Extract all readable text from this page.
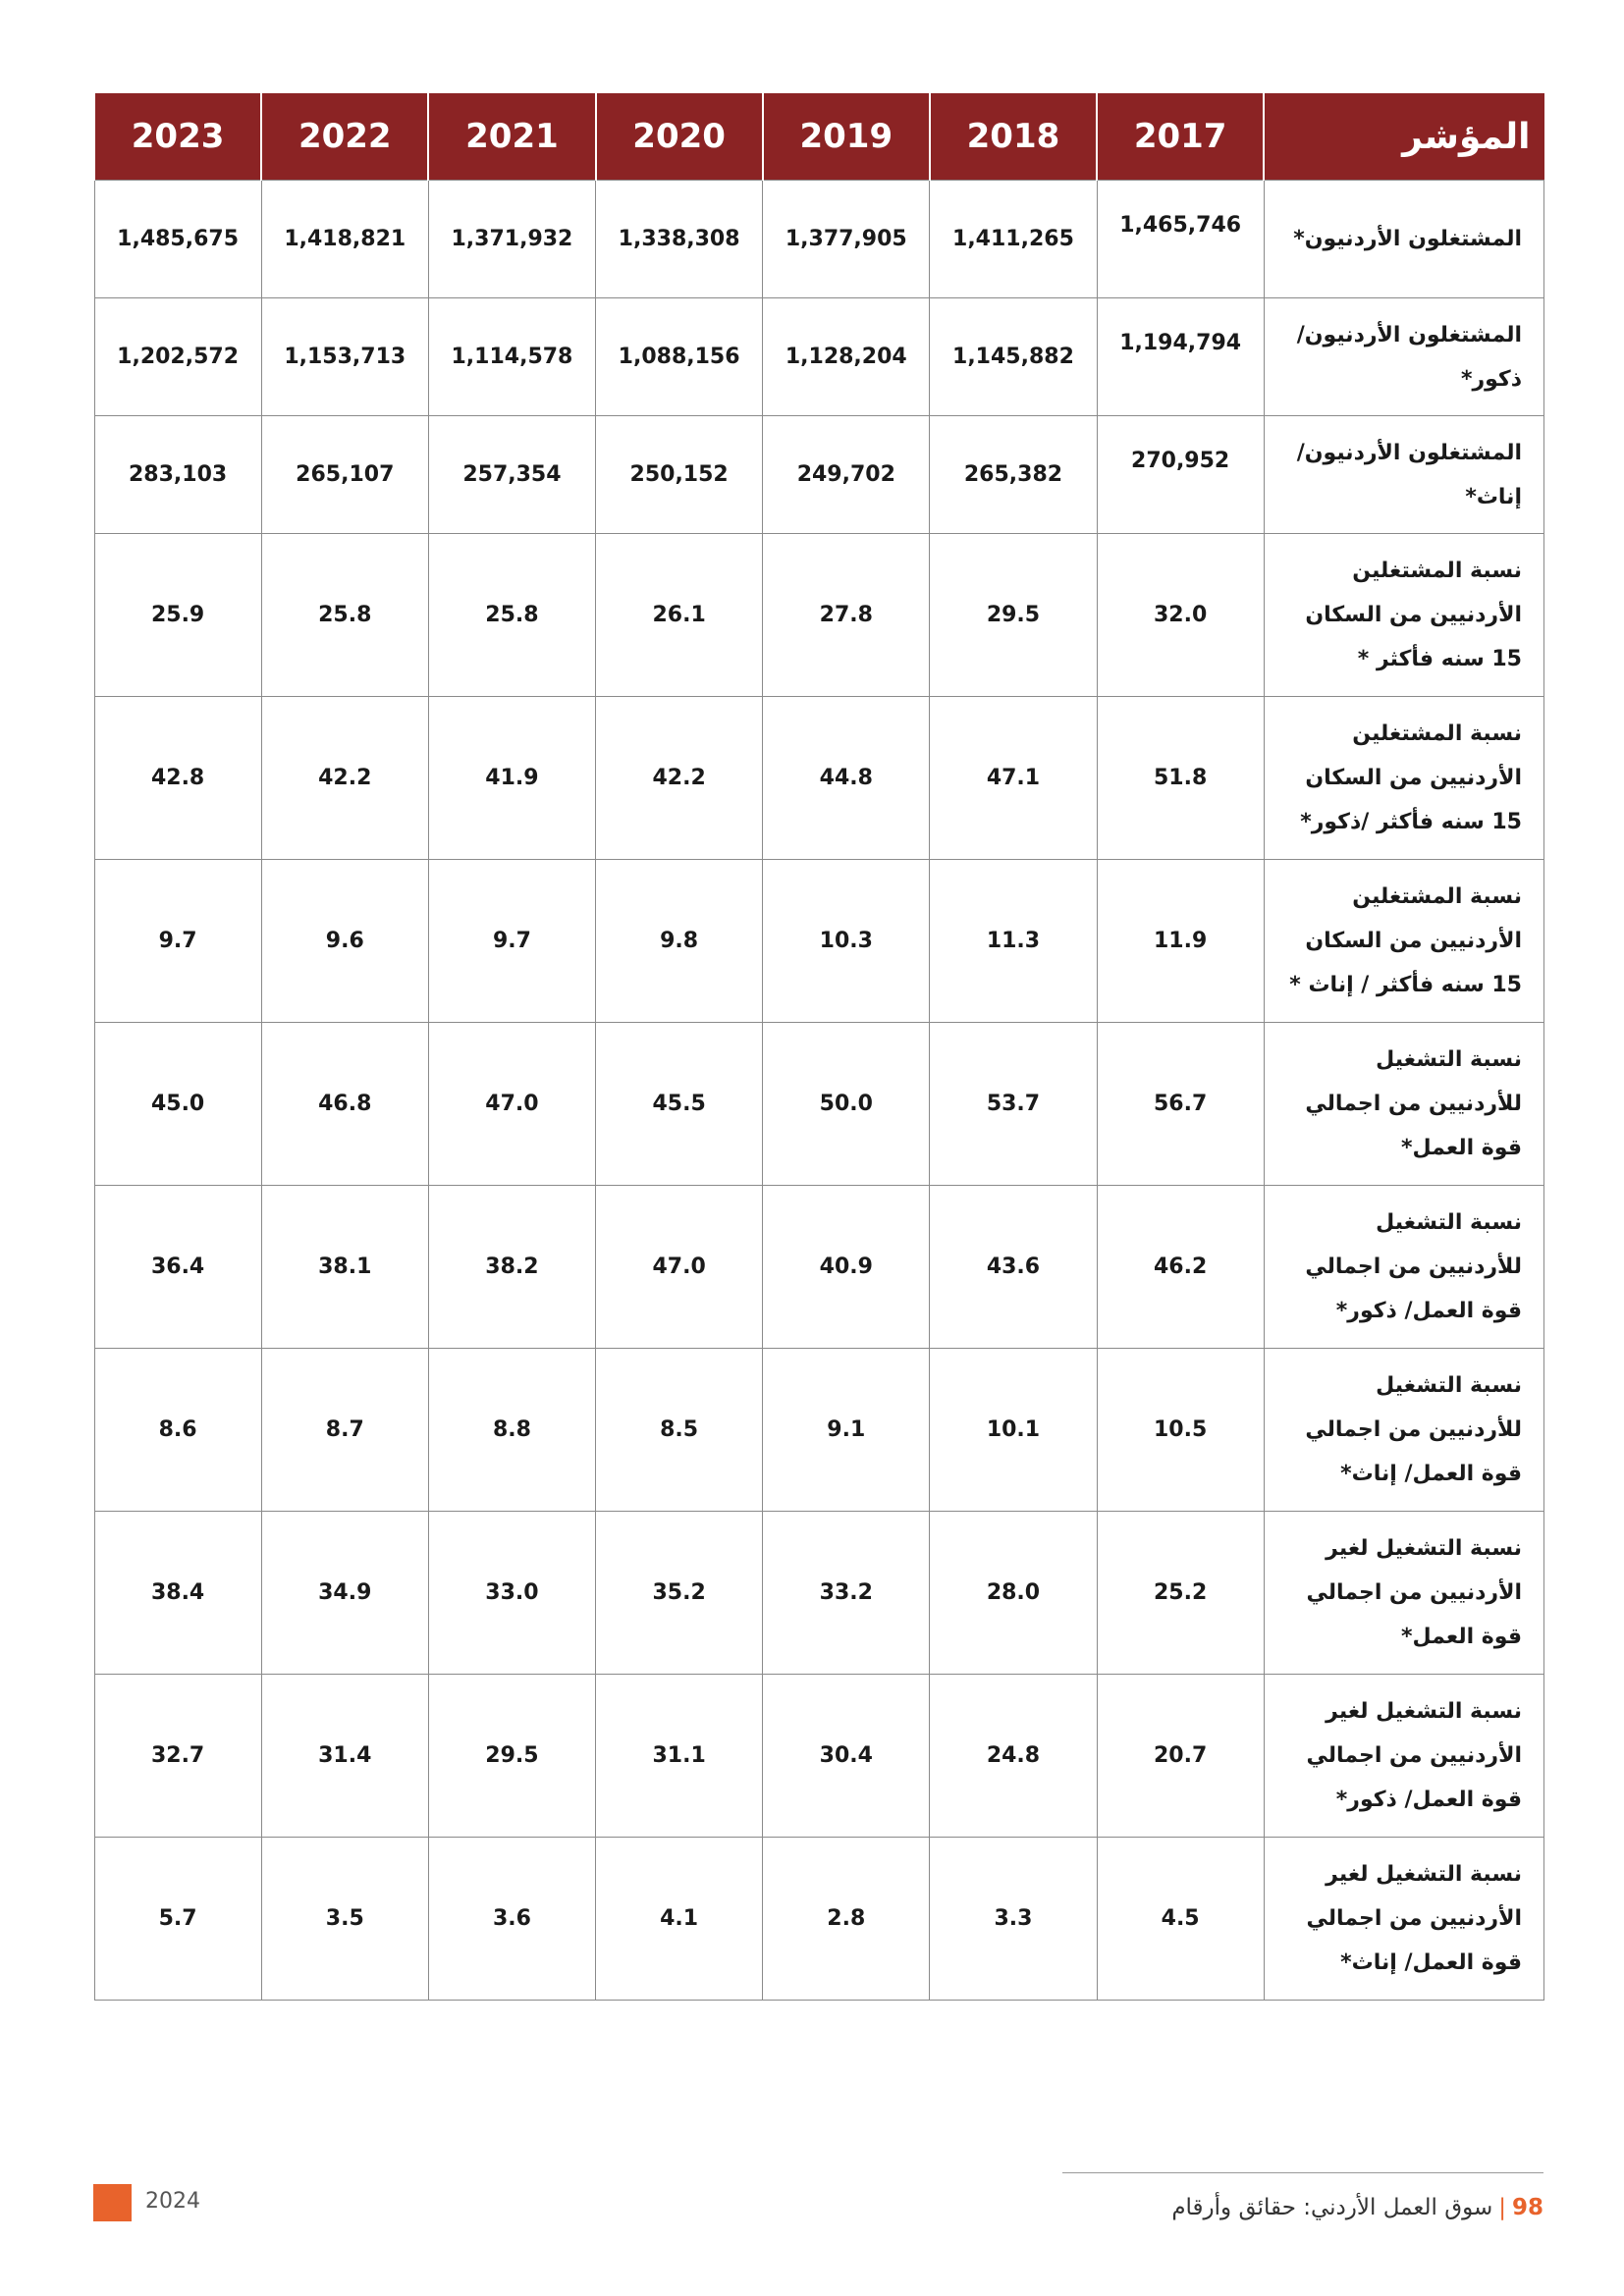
المؤشر	2017	2018	2019	2020	2021	2022	2023

المشتغلون الأردنيون*	1,465,746	1,411,265	1,377,905	1,338,308	1,371,932	1,418,821	1,485,675

المشتغلون الأردنيون/
ذكور*	1,194,794	1,145,882	1,128,204	1,088,156	1,114,578	1,153,713	1,202,572

المشتغلون الأردنيون/
إناث*	270,952	265,382	249,702	250,152	257,354	265,107	283,103

نسبة المشتغلين
الأردنيين من السكان
15 سنه فأكثر *	32.0	29.5	27.8	26.1	25.8	25.8	25.9

نسبة المشتغلين
الأردنيين من السكان
15 سنه فأكثر /ذكور*	51.8	47.1	44.8	42.2	41.9	42.2	42.8

نسبة المشتغلين
الأردنيين من السكان
15 سنه فأكثر / إناث *	11.9	11.3	10.3	9.8	9.7	9.6	9.7

نسبة التشغيل
للأردنيين من اجمالي
قوة العمل*	56.7	53.7	50.0	45.5	47.0	46.8	45.0

نسبة التشغيل
للأردنيين من اجمالي
قوة العمل/ ذكور*	46.2	43.6	40.9	47.0	38.2	38.1	36.4

نسبة التشغيل
للأردنيين من اجمالي
قوة العمل/ إناث*	10.5	10.1	9.1	8.5	8.8	8.7	8.6

نسبة التشغيل لغير
الأردنيين من اجمالي
قوة العمل*	25.2	28.0	33.2	35.2	33.0	34.9	38.4

نسبة التشغيل لغير
الأردنيين من اجمالي
قوة العمل/ ذكور*	20.7	24.8	30.4	31.1	29.5	31.4	32.7

نسبة التشغيل لغير
الأردنيين من اجمالي
قوة العمل/ إناث*	4.5	3.3	2.8	4.1	3.6	3.5	5.7
2024	98|سوق العمل الأردني: حقائق وأرقام
